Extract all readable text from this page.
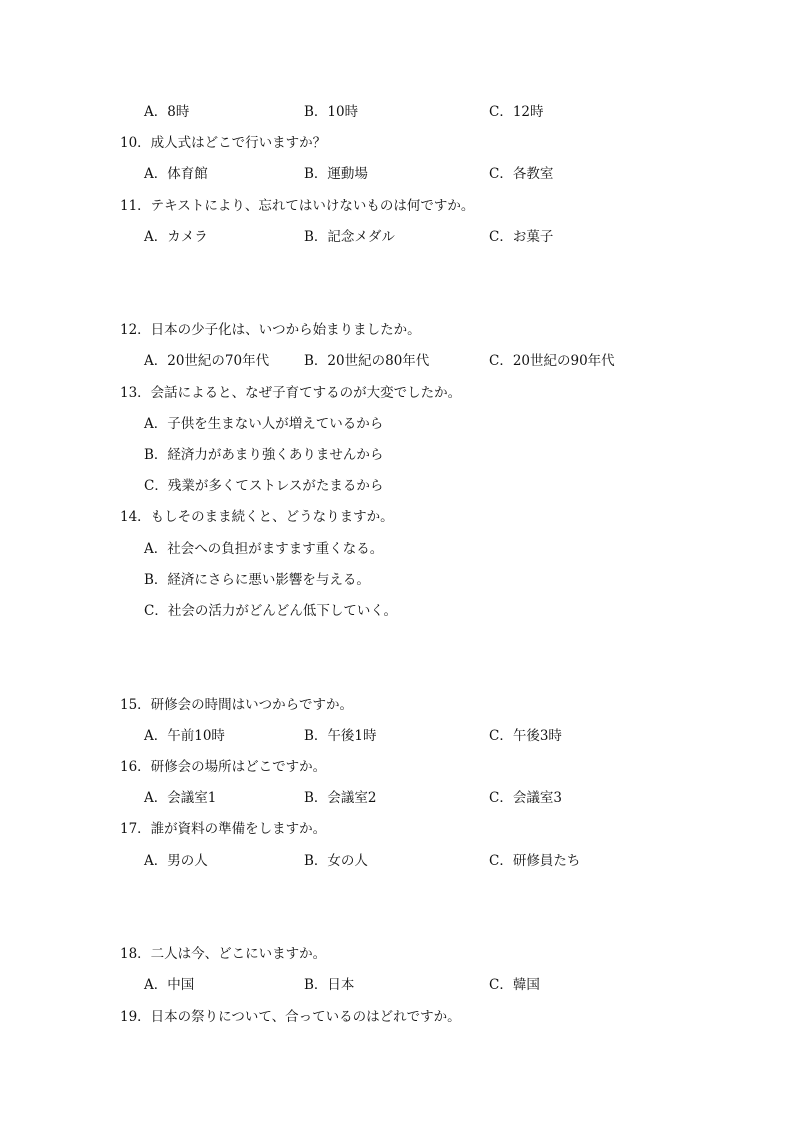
A．8時	B．10時	C．12時
10．成人式はどこで行いますか？
A．体育館	B．運動場	C．各教室
11．テキストにより、忘れてはいけないものは何ですか。
A．カメラ	B．記念メダル	C．お菓子
12．日本の少子化は、いつから始まりましたか。
A．20世紀の70年代	B．20世紀の80年代	C．20世紀の90年代
13．会話によると、なぜ子育てするのが大変でしたか。
A．子供を生まない人が増えているから
B．経済力があまり強くありませんから
C．残業が多くてストレスがたまるから
14．もしそのまま続くと、どうなりますか。
A．社会への負担がますます重くなる。
B．経済にさらに悪い影響を与える。
C．社会の活力がどんどん低下していく。
15．研修会の時間はいつからですか。
A．午前10時	B．午後1時	C．午後3時
16．研修会の場所はどこですか。
A．会議室1	B．会議室2	C．会議室3
17．誰が資料の準備をしますか。
A．男の人	B．女の人	C．研修員たち
18．二人は今、どこにいますか。
A．中国	B．日本	C．韓国
19．日本の祭りについて、合っているのはどれですか。
